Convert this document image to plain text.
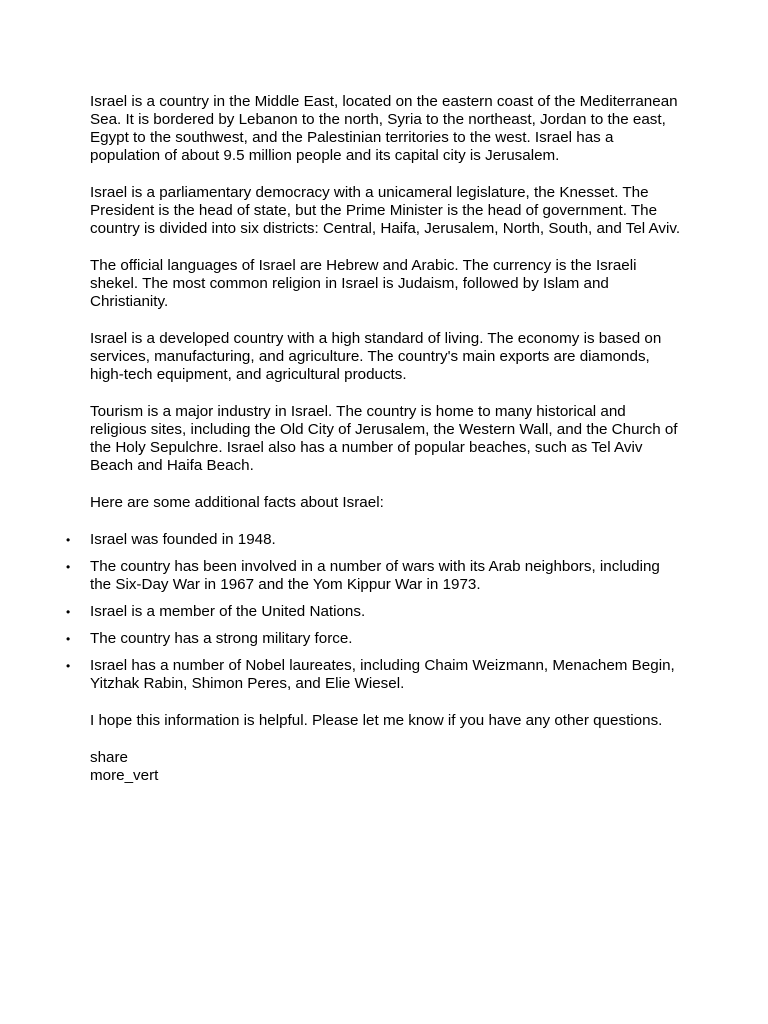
Israel is a country in the Middle East, located on the eastern coast of the Mediterranean Sea. It is bordered by Lebanon to the north, Syria to the northeast, Jordan to the east, Egypt to the southwest, and the Palestinian territories to the west. Israel has a population of about 9.5 million people and its capital city is Jerusalem.

Israel is a parliamentary democracy with a unicameral legislature, the Knesset. The President is the head of state, but the Prime Minister is the head of government. The country is divided into six districts: Central, Haifa, Jerusalem, North, South, and Tel Aviv.

The official languages of Israel are Hebrew and Arabic. The currency is the Israeli shekel. The most common religion in Israel is Judaism, followed by Islam and Christianity.

Israel is a developed country with a high standard of living. The economy is based on services, manufacturing, and agriculture. The country's main exports are diamonds, high-tech equipment, and agricultural products.

Tourism is a major industry in Israel. The country is home to many historical and religious sites, including the Old City of Jerusalem, the Western Wall, and the Church of the Holy Sepulchre. Israel also has a number of popular beaches, such as Tel Aviv Beach and Haifa Beach.

Here are some additional facts about Israel:

• Israel was founded in 1948.
• The country has been involved in a number of wars with its Arab neighbors, including the Six-Day War in 1967 and the Yom Kippur War in 1973.
• Israel is a member of the United Nations.
• The country has a strong military force.
• Israel has a number of Nobel laureates, including Chaim Weizmann, Menachem Begin, Yitzhak Rabin, Shimon Peres, and Elie Wiesel.

I hope this information is helpful. Please let me know if you have any other questions.

share
more_vert
